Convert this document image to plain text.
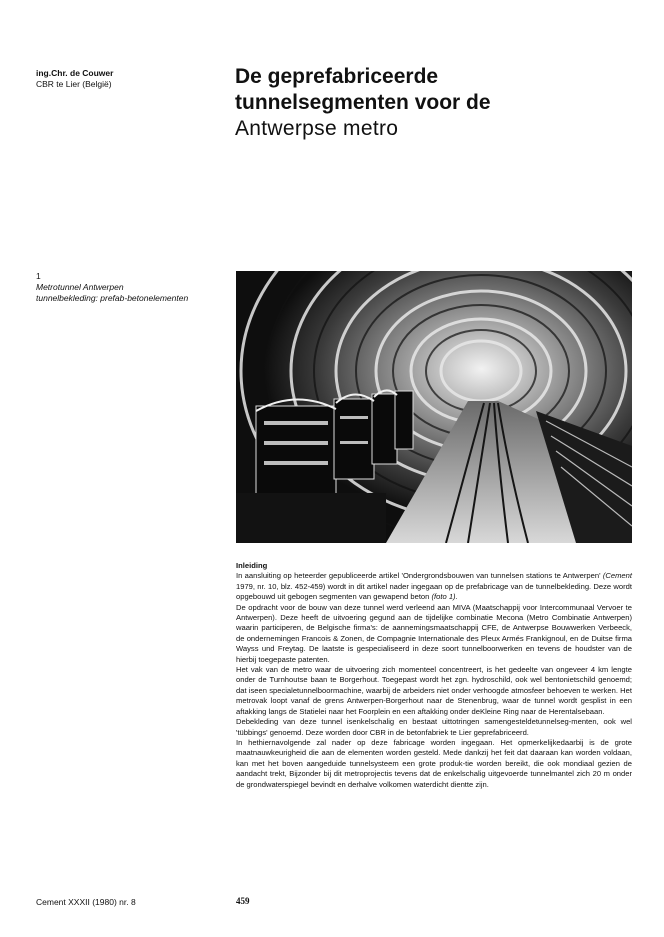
ing.Chr. de Couwer
CBR te Lier (België)	De geprefabriceerde
tunnelsegmenten voor de
Antwerpse metro
1
Metrotunnel Antwerpen
tunnelbekleding: prefab-betonelementen
Inleiding

In aansluiting op heteerder gepubliceerde artikel 'Ondergrondsbouwen van tunnelsen stations te Antwerpen' (Cement 1979, nr. 10, blz. 452-459) wordt in dit artikel nader ingegaan op de prefabricage van de tunnelbekleding. Deze wordt opgebouwd uit gebogen segmenten van gewapend beton (foto 1).

De opdracht voor de bouw van deze tunnel werd verleend aan MIVA (Maatschappij voor Intercommunaal Vervoer te Antwerpen). Deze heeft de uitvoering gegund aan de tijdelijke combinatie Mecona (Metro Combinatie Antwerpen) waarin participeren, de Belgische firma's: de aannemingsmaatschappij CFE, de Antwerpse Bouwwerken Verbeeck, de ondernemingen Francois & Zonen, de Compagnie Internationale des Pleux Armés Frankignoul, en de Duitse firma Wayss und Freytag. De laatste is gespecialiseerd in deze soort tunnelboorwerken en tevens de houdster van de hierbij toegepaste patenten.

Het vak van de metro waar de uitvoering zich momenteel concentreert, is het gedeelte van ongeveer 4 km lengte onder de Turnhoutse baan te Borgerhout. Toegepast wordt het zgn. hydroschild, ook wel bentonietschild genoemd; dat iseen specialetunnelboormachine, waarbij de arbeiders niet onder verhoogde atmosfeer behoeven te werken. Het metrovak loopt vanaf de grens Antwerpen-Borgerhout naar de Stenenbrug, waar de tunnel wordt gesplist in een aftakking langs de Statielei naar het Foorplein en een aftakking onder deKleine Ring naar de Herentalsebaan.

Debekleding van deze tunnel isenkelschalig en bestaat uittotringen samengesteldetunnelseg-menten, ook wel 'tübbings' genoemd. Deze worden door CBR in de betonfabriek te Lier geprefabriceerd.

In hethiernavolgende zal nader op deze fabricage worden ingegaan. Het opmerkelijkedaarbij is de grote maatnauwkeurigheid die aan de elementen worden gesteld. Mede dankzij het feit dat daaraan kan worden voldaan, kan met het boven aangeduide tunnelsysteem een grote produk-tie worden bereikt, die ook mondiaal gezien de aandacht trekt, Bijzonder bij dit metroprojectis tevens dat de enkelschalig uitgevoerde tunnelmantel zich 20 m onder de grondwaterspiegel bevindt en derhalve volkomen waterdicht dientte zijn.

Cement XXXII (1980) nr. 8	459
